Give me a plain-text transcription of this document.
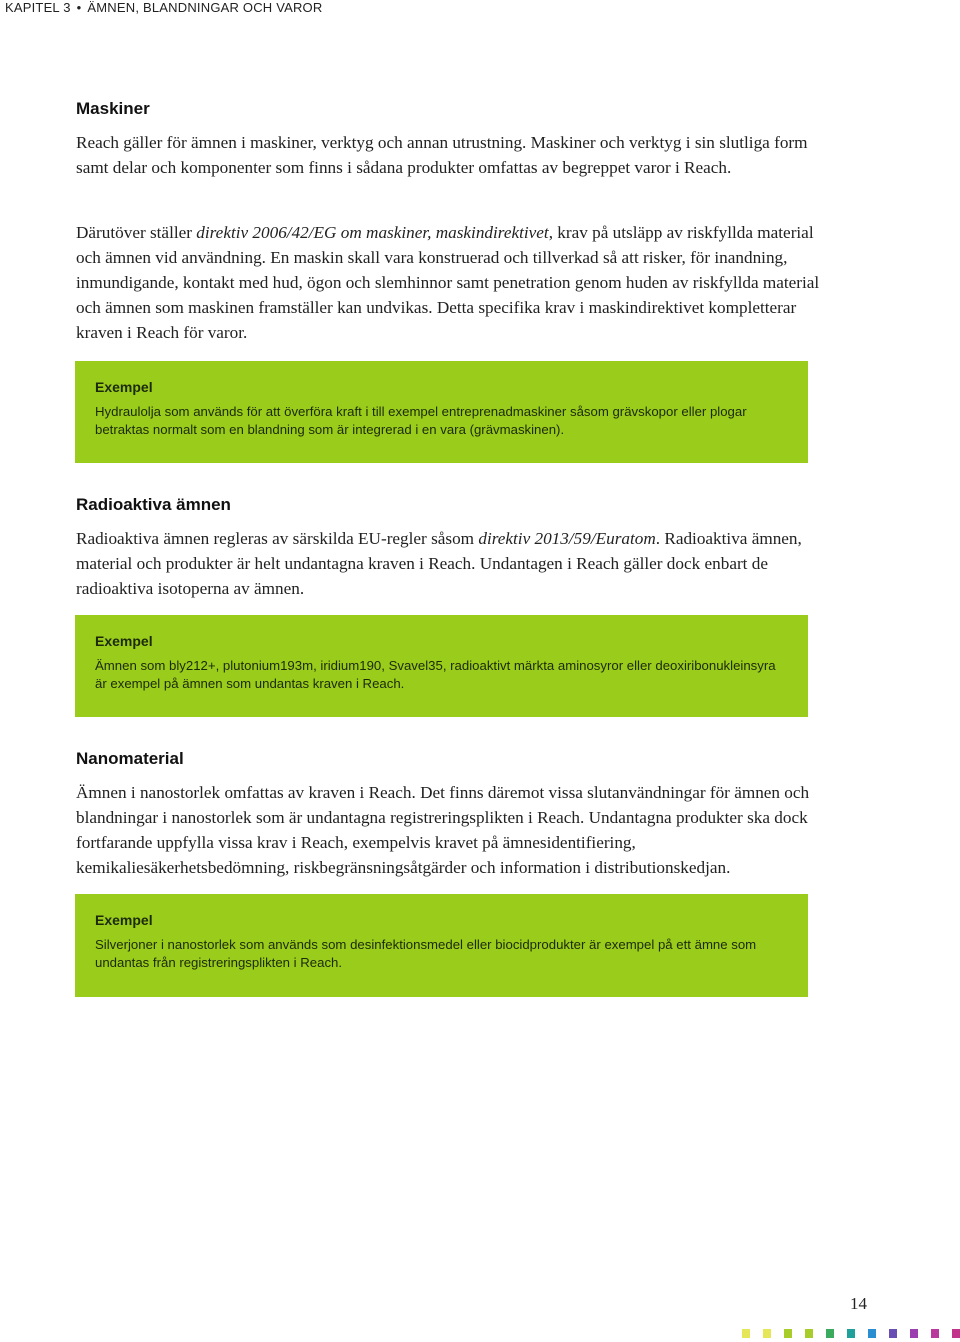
KAPITEL 3 • ÄMNEN, BLANDNINGAR OCH VAROR
Maskiner
Reach gäller för ämnen i maskiner, verktyg och annan utrustning. Maskiner och verktyg i sin slutliga form samt delar och komponenter som finns i sådana produkter omfattas av begreppet varor i Reach.
Därutöver ställer direktiv 2006/42/EG om maskiner, maskindirektivet, krav på utsläpp av riskfyllda material och ämnen vid användning. En maskin skall vara konstruerad och tillverkad så att risker, för inandning, inmundigande, kontakt med hud, ögon och slemhinnor samt penetration genom huden av riskfyllda material och ämnen som maskinen framställer kan undvikas. Detta specifika krav i maskindirektivet kompletterar kraven i Reach för varor.
Exempel
Hydraulolja som används för att överföra kraft i till exempel entreprenadmaskiner såsom grävskopor eller plogar betraktas normalt som en blandning som är integrerad i en vara (grävmaskinen).
Radioaktiva ämnen
Radioaktiva ämnen regleras av särskilda EU-regler såsom direktiv 2013/59/Euratom. Radioaktiva ämnen, material och produkter är helt undantagna kraven i Reach. Undantagen i Reach gäller dock enbart de radioaktiva isotoperna av ämnen.
Exempel
Ämnen som bly212+, plutonium193m, iridium190, Svavel35, radioaktivt märkta aminosyror eller deoxiribonukleinsyra är exempel på ämnen som undantas kraven i Reach.
Nanomaterial
Ämnen i nanostorlek omfattas av kraven i Reach. Det finns däremot vissa slutanvändningar för ämnen och blandningar i nanostorlek som är undantagna registreringsplikten i Reach. Undantagna produkter ska dock fortfarande uppfylla vissa krav i Reach, exempelvis kravet på ämnesidentifiering, kemikaliesäkerhetsbedömning, riskbegränsningsåtgärder och information i distributionskedjan.
Exempel
Silverjoner i nanostorlek som används som desinfektionsmedel eller biocidprodukter är exempel på ett ämne som undantas från registreringsplikten i Reach.
14
